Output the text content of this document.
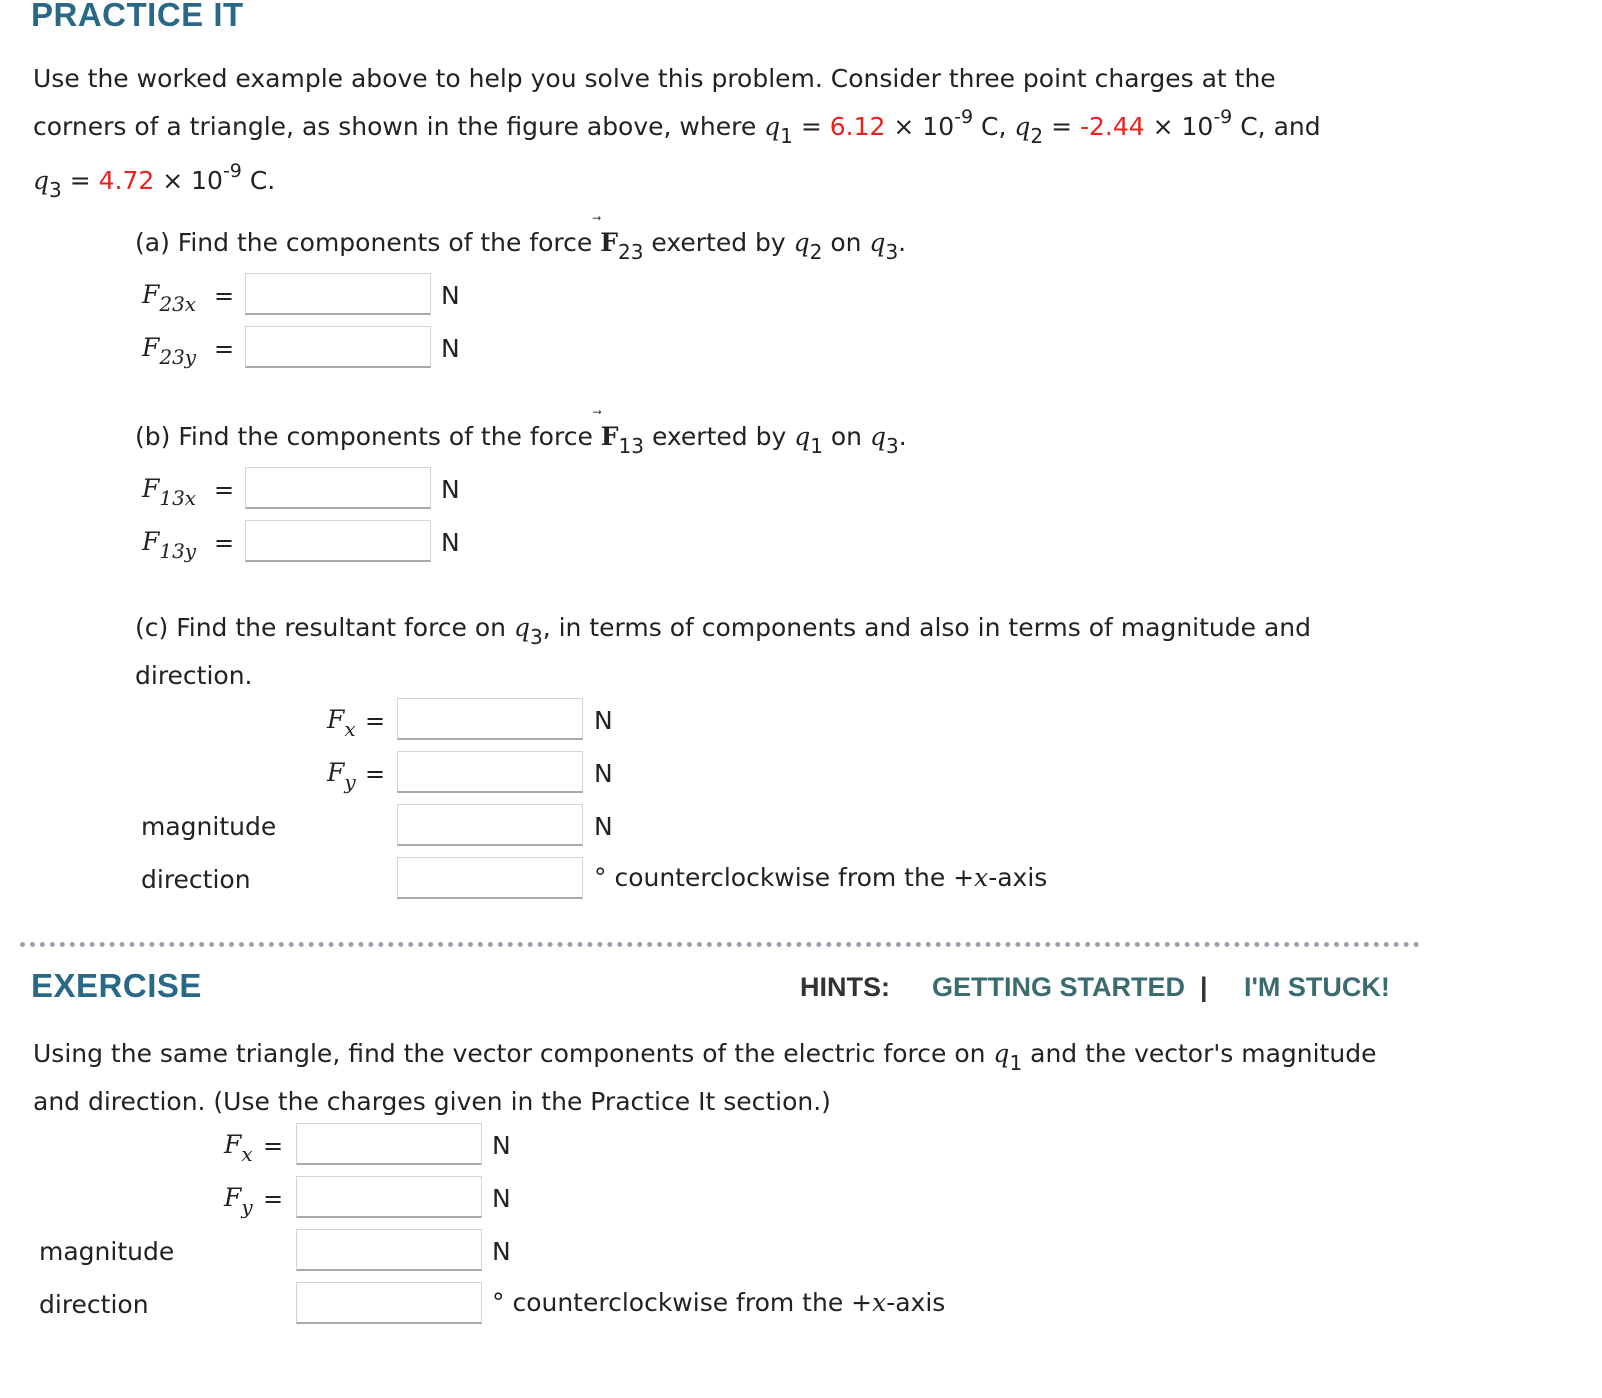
PRACTICE IT

Use the worked example above to help you solve this problem. Consider three point charges at the

corners of a triangle, as shown in the figure above, where $q_1 = 6.12 \times 10^{-9}$ C, $q_2 = -2.44 \times 10^{-9}$ C, and

$q_3 = 4.72 \times 10^{-9}$ C.

(a) Find the components of the force
$F_{23}$ exerted by $q_2$ on $q_3$.
$F_{23x}$ =	N
$F_{23y}$ =	N
(b) Find the components of the force
$F_{13}$ exerted by $q_1$ on $q_3$.
$F_{13x}$ =	N
$F_{13y}$ =	N

(c) Find the resultant force on $q_3$, in terms of components and also in terms of magnitude and

direction.

$F_x$ =	N
$F_y$ =	N
magnitude	N
direction	° counterclockwise from the +x-axis
EXERCISE	HINTS: GETTING STARTED | I'M STUCK!

Using the same triangle, find the vector components of the electric force on $q_1$ and the vector's magnitude

and direction. (Use the charges given in the Practice It section.)

$F_x$ =	N
$F_y$ =	N
magnitude	N
direction	° counterclockwise from the +x-axis
